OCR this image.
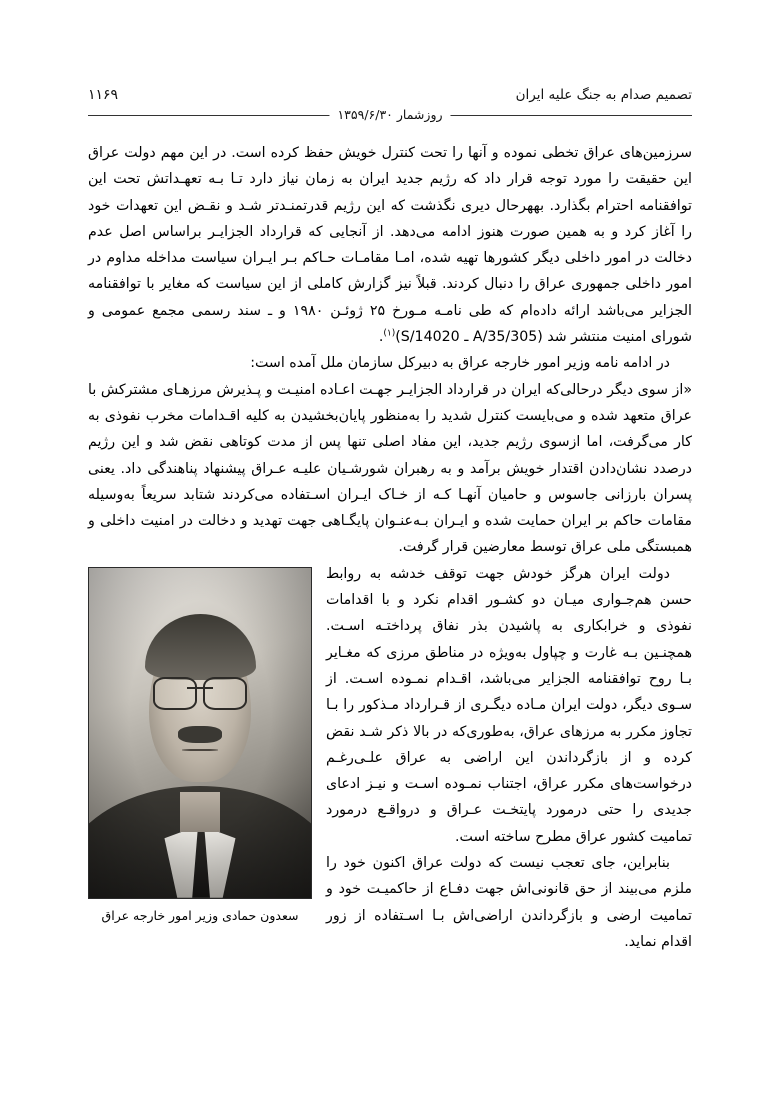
تصمیم صدام به جنگ علیه ایران
۱۱۶۹
روزشمار ۱۳۵۹/۶/۳۰

سرزمین‌های عراق تخطی نموده و آنها را تحت کنترل خویش حفظ کرده است. در این مهم دولت عراق این حقیقت را مورد توجه قرار داد که رژیم جدید ایران به زمان نیاز دارد تـا بـه تعهـداتش تحت این توافقنامه احترام بگذارد. بههرحال دیری نگذشت که این رژیم قدرتمنـدتر شـد و نقـض این تعهدات خود را آغاز کرد و به همین صورت هنوز ادامه می‌دهد. از آنجایی که قرارداد الجزایـر براساس اصل عدم دخالت در امور داخلی دیگر کشورها تهیه شده، امـا مقامـات حـاکم بـر ایـران سیاست مداخله مداوم در امور داخلی جمهوری عراق را دنبال کردند. قبلاً نیز گزارش کاملی از این سیاست که مغایر با توافقنامه الجزایر می‌باشد ارائه داده‌ام که طی نامـه مـورخ ۲۵ ژوئـن ۱۹۸۰ و ـ سند رسمی مجمع عمومی و شورای امنیت منتشر شد (S/14020 ـ A/35/305)$^{(۱)}$.

در ادامه نامه وزیر امور خارجه عراق به دبیرکل سازمان ملل آمده است:

«از سوی دیگر درحالی‌که ایران در قرارداد الجزایـر جهـت اعـاده امنیـت و پـذیرش مرزهـای مشترکش با عراق متعهد شده و می‌بایست کنترل شدید را به‌منظور پایان‌بخشیدن به کلیه اقـدامات مخرب نفوذی به کار می‌گرفت، اما ازسوی رژیم جدید، این مفاد اصلی تنها پس از مدت کوتاهی نقض شد و این رژیم درصدد نشان‌دادن اقتدار خویش برآمد و به رهبران شورشـیان علیـه عـراق پیشنهاد پناهندگی داد. یعنی پسران بارزانی جاسوس و حامیان آنهـا کـه از خـاک ایـران اسـتفاده می‌کردند شتابد سریعاً به‌وسیله مقامات حاکم بر ایران حمایت شده و ایـران بـه‌عنـوان پایگـاهی جهت تهدید و دخالت در امنیت داخلی و همبستگی ملی عراق توسط معارضین قرار گرفت.

سعدون حمادی وزیر امور خارجه عراق

دولت ایران هرگز خودش جهت توقف خدشه به روابط حسن هم‌جـواری میـان دو کشـور اقدام نکرد و با اقدامات نفوذی و خرابکاری به پاشیدن بذر نفاق پرداختـه اسـت. همچنـین بـه غارت و چپاول به‌ویژه در مناطق مرزی که مغـایر بـا روح توافقنامه الجزایر می‌باشد، اقـدام نمـوده اسـت. از سـوی دیگر، دولت ایران مـاده دیگـری از قـرارداد مـذکور را بـا تجاوز مکرر به مرزهای عراق، به‌طوری‌که در بالا ذکر شـد نقض کرده و از بازگرداندن این اراضی به عراق علـی‌رغـم درخواست‌های مکرر عراق، اجتناب نمـوده اسـت و نیـز ادعای جدیدی را حتی درمورد پایتخـت عـراق و درواقـع درمورد تمامیت کشور عراق مطرح ساخته است.

بنابراین، جای تعجب نیست که دولت عراق اکنون خود را ملزم می‌بیند از حق قانونی‌اش جهت دفـاع از حاکمیـت خود و تمامیت ارضی و بازگرداندن اراضی‌اش بـا اسـتفاده از زور اقدام نماید.
